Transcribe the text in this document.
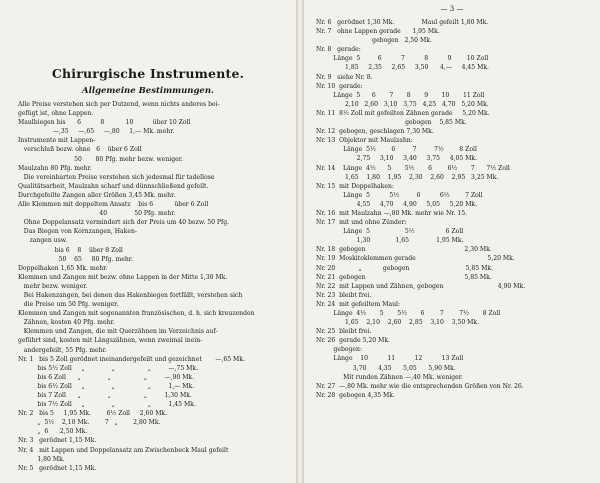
Chirurgische Instrumente.
Allgemeine Bestimmungen.
Alle Preise verstehen sich per Dutzend, wenn nichts anderes bei-
gefügt ist, ohne Lappen.
Maulbiegen bis      6          8           10          über 10 Zoll
—,35     —,65     —,80     1,— Mk. mehr.
Instrumente mit Lappen-
verschluß bezw. ohne   6    über 6 Zoll
50       80 Pfg. mehr bezw. weniger.
Maulzahn 80 Pfg. mehr.
Die vereinbarten Preise verstehen sich jedesmal für tadellose
Qualitätsarbeit, Maulzahn scharf und dünnschließend gefeilt.
Durchgefeilte Zangen aller Größen 3,45 Mk. mehr.
Alle Klemmen mit doppeltem Ansatz    bis 6           über 6 Zoll
40              50 Pfg. mehr.
Ohne Doppelansatz vermindert sich der Preis um 40 bezw. 50 Pfg.
Das Biegen von Kornzangen, Haken-
zangen usw.
bis 6    8    über 8 Zoll
50    65     80 Pfg. mehr.
Doppelhaken 1,65 Mk. mehr.
Klemmen und Zangen mit bezw. ohne Lappen in der Mitte 1,30 Mk.
mehr bezw. weniger.
Bei Hakenzangen, bei denen das Hakenbiegen fortfällt, verstehen sich
die Preise um 50 Pfg. weniger.
Klemmen und Zangen mit sogenannten französischen, d. h. sich kreuzenden
Zähnen, kosten 40 Pfg. mehr.
Klemmen und Zangen, die mit Querzähnen im Verzeichnis auf-
geführt sind, kosten mit Längszähnen, wenn zweimal inein-
andergefeilt, 55 Pfg. mehr.
Nr. 1   bis 5 Zoll gerödnet ineinandergefeilt und gezeichnet       —,65 Mk.
bis 5½ Zoll     „              „                 „         —,75 Mk.
bis 6 Zoll      „              „                 „         —,90 Mk.
bis 6½ Zoll     „              „                 „         1,— Mk.
bis 7 Zoll      „              „                 „         1,30 Mk.
bis 7½ Zoll     „              „                 „         1,45 Mk.
Nr. 2   bis 5     1,95 Mk.        6½ Zoll     2,60 Mk.
„  5½    2,10 Mk.        7   „        2,80 Mk.
„  6      2,50 Mk.
Nr. 3   gerödnet 1,15 Mk.
Nr. 4   mit Lappen und Doppelansatz am Zwischenbeck Maul gefeilt
1,80 Mk.
Nr. 5   gerödnet 1,15 Mk.
— 3 —
Nr. 6   gerödnet 1,30 Mk.              Maul gefeilt 1,80 Mk.
Nr. 7   ohne Lappen gerade      1,95 Mk.
gebogen   2,50 Mk.
Nr. 8   gerade:
Länge  5         6          7          8          9        10 Zoll
1,85     2,35     2,65     3,50      4,—     4,45 Mk.
Nr. 9   siehe Nr. 8.
Nr. 10  gerade:
Länge  5      6       7       8       9       10       11 Zoll
2,10   2,60   3,10   3,75   4,25   4,70   5,20 Mk.
Nr. 11  8½ Zoll mit gefeilten Zähnen gerade     5,20 Mk.
gebogen    5,85 Mk.
Nr. 12  gebogen, geschlagen 7,30 Mk.
Nr. 13  Objektor mit Maulzahn:
Länge  5½        6         7         7½        8 Zoll
2,75     3,10     3,40     3,75     4,05 Mk.
Nr. 14    Länge  4½      5       5½       6        6½       7      7½ Zoll
1,65    1,80    1,95    2,30    2,60    2,95   3,25 Mk.
Nr. 15  mit Doppelhaken:
Länge  5          5½         6          6½        7 Zoll
4,55     4,70     4,90     5,05     5,20 Mk.
Nr. 16  mit Maulzahn —,80 Mk. mehr wie Nr. 15.
Nr. 17  mit und ohne Zünder:
Länge  5                  5½                6 Zoll
1,30             1,65              1,95 Mk.
Nr. 18  gebogen                                                   2,30 Mk.
Nr. 19  Moskitoklemmen gerade                                     5,20 Mk.
Nr. 20            „           gebogen                             5,85 Mk.
Nr. 21  gebogen                                                   5,85 Mk.
Nr. 22  mit Lappen und Zähnen, gebogen                            4,90 Mk.
Nr. 23  bleibt frei.
Nr. 24  mit gefeiltem Maul:
Länge  4½       5       5½       6        7        7½       8 Zoll
1,65    2,10    2,60    2,85    3,10    3,50 Mk.
Nr. 25  bleibt frei.
Nr. 26  gerade 5,20 Mk.
gebogen:
Länge    10          11          12          13 Zoll
3,70      4,35      5,05      5,90 Mk.
Mit runden Zähnen —,40 Mk. weniger.
Nr. 27  —,80 Mk. mehr wie die entsprechenden Größen von Nr. 26.
Nr. 28  gebogen 4,35 Mk.
